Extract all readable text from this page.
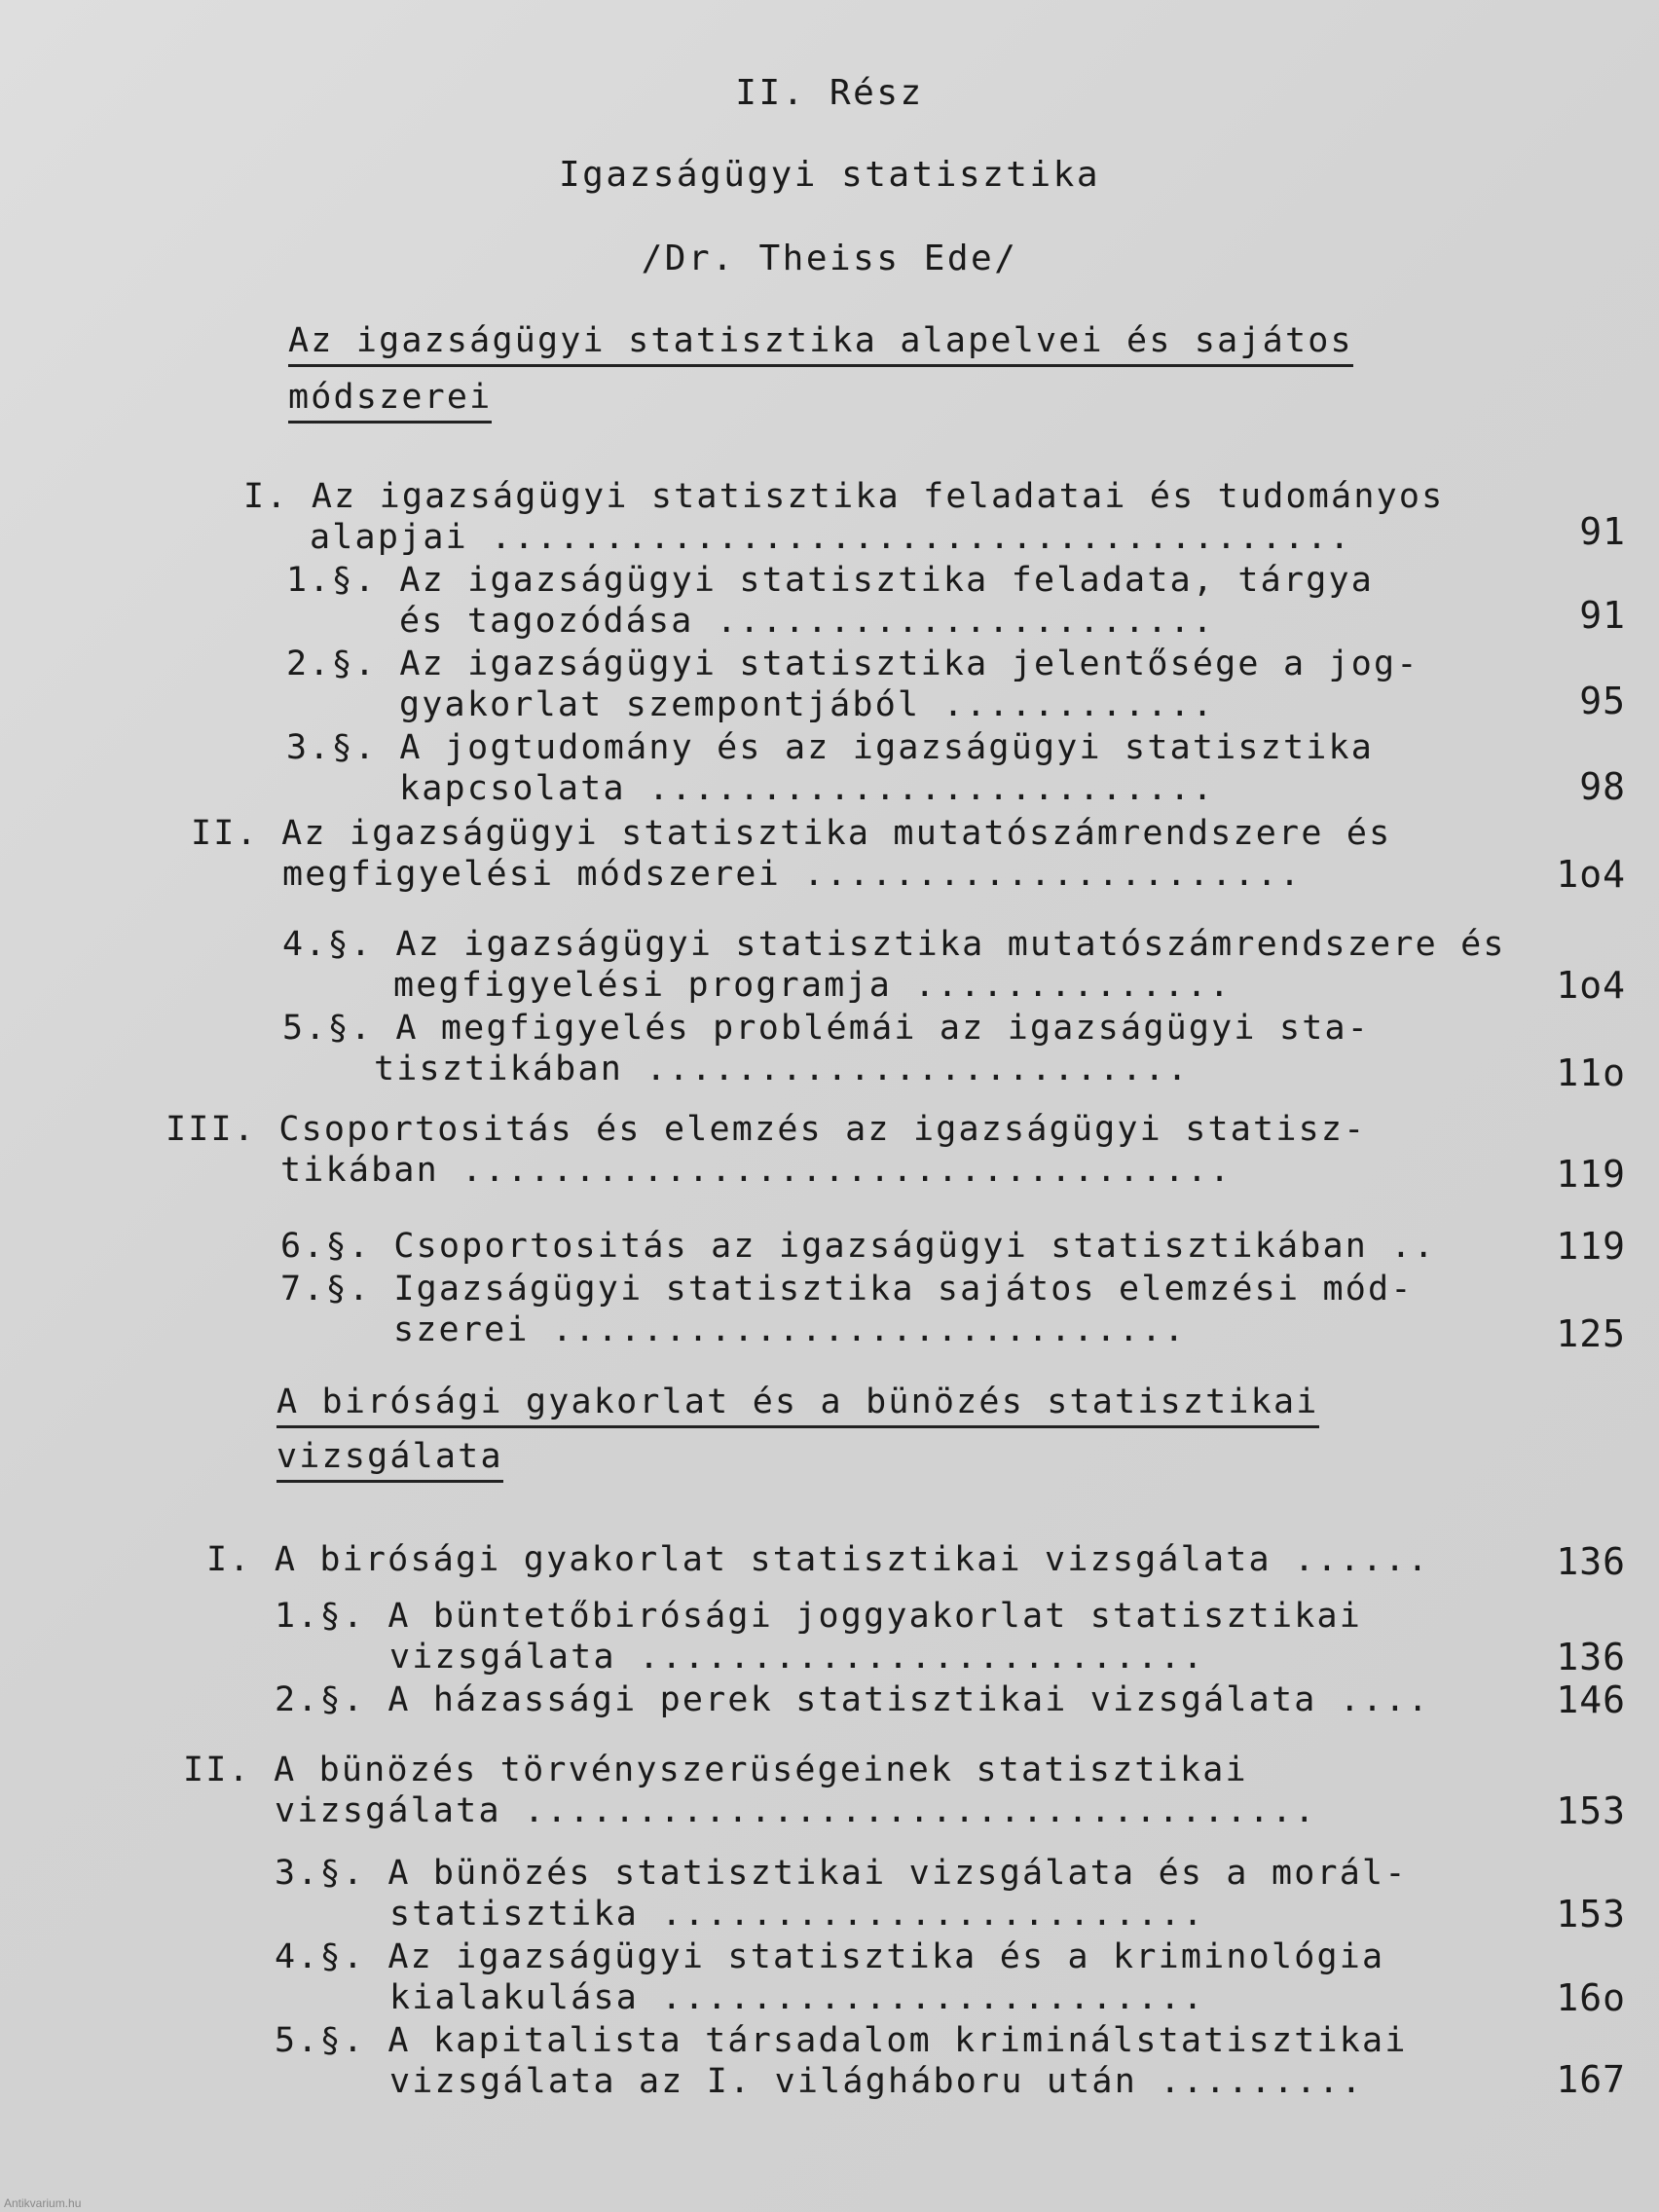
II. Rész
Igazságügyi statisztika
/Dr. Theiss Ede/
Az igazságügyi statisztika alapelvei és sajátos
módszerei
I. Az igazságügyi statisztika feladatai és tudományos
alapjai ......................................	91
1.§. Az igazságügyi statisztika feladata, tárgya
és tagozódása ......................	91
2.§. Az igazságügyi statisztika jelentősége a jog-
gyakorlat szempontjából ............	95
3.§. A jogtudomány és az igazságügyi statisztika
kapcsolata .........................	98
II. Az igazságügyi statisztika mutatószámrendszere és
megfigyelési módszerei ......................	1o4
4.§. Az igazságügyi statisztika mutatószámrendszere és
megfigyelési programja ..............	1o4
5.§. A megfigyelés problémái az igazságügyi sta-
tisztikában ........................	11o
III. Csoportositás és elemzés az igazságügyi statisz-
tikában ..................................	119
6.§. Csoportositás az igazságügyi statisztikában ..	119
7.§. Igazságügyi statisztika sajátos elemzési mód-
szerei ............................	125
A birósági gyakorlat és a bünözés statisztikai
vizsgálata
I. A birósági gyakorlat statisztikai vizsgálata ......	136
1.§. A büntetőbirósági joggyakorlat statisztikai
vizsgálata .........................	136
2.§. A házassági perek statisztikai vizsgálata ....	146
II. A bünözés törvényszerüségeinek statisztikai
vizsgálata ...................................	153
3.§. A bünözés statisztikai vizsgálata és a morál-
statisztika ........................	153
4.§. Az igazságügyi statisztika és a kriminológia
kialakulása ........................	16o
5.§. A kapitalista társadalom kriminálstatisztikai
vizsgálata az I. világháboru után .........	167
Antikvarium.hu
